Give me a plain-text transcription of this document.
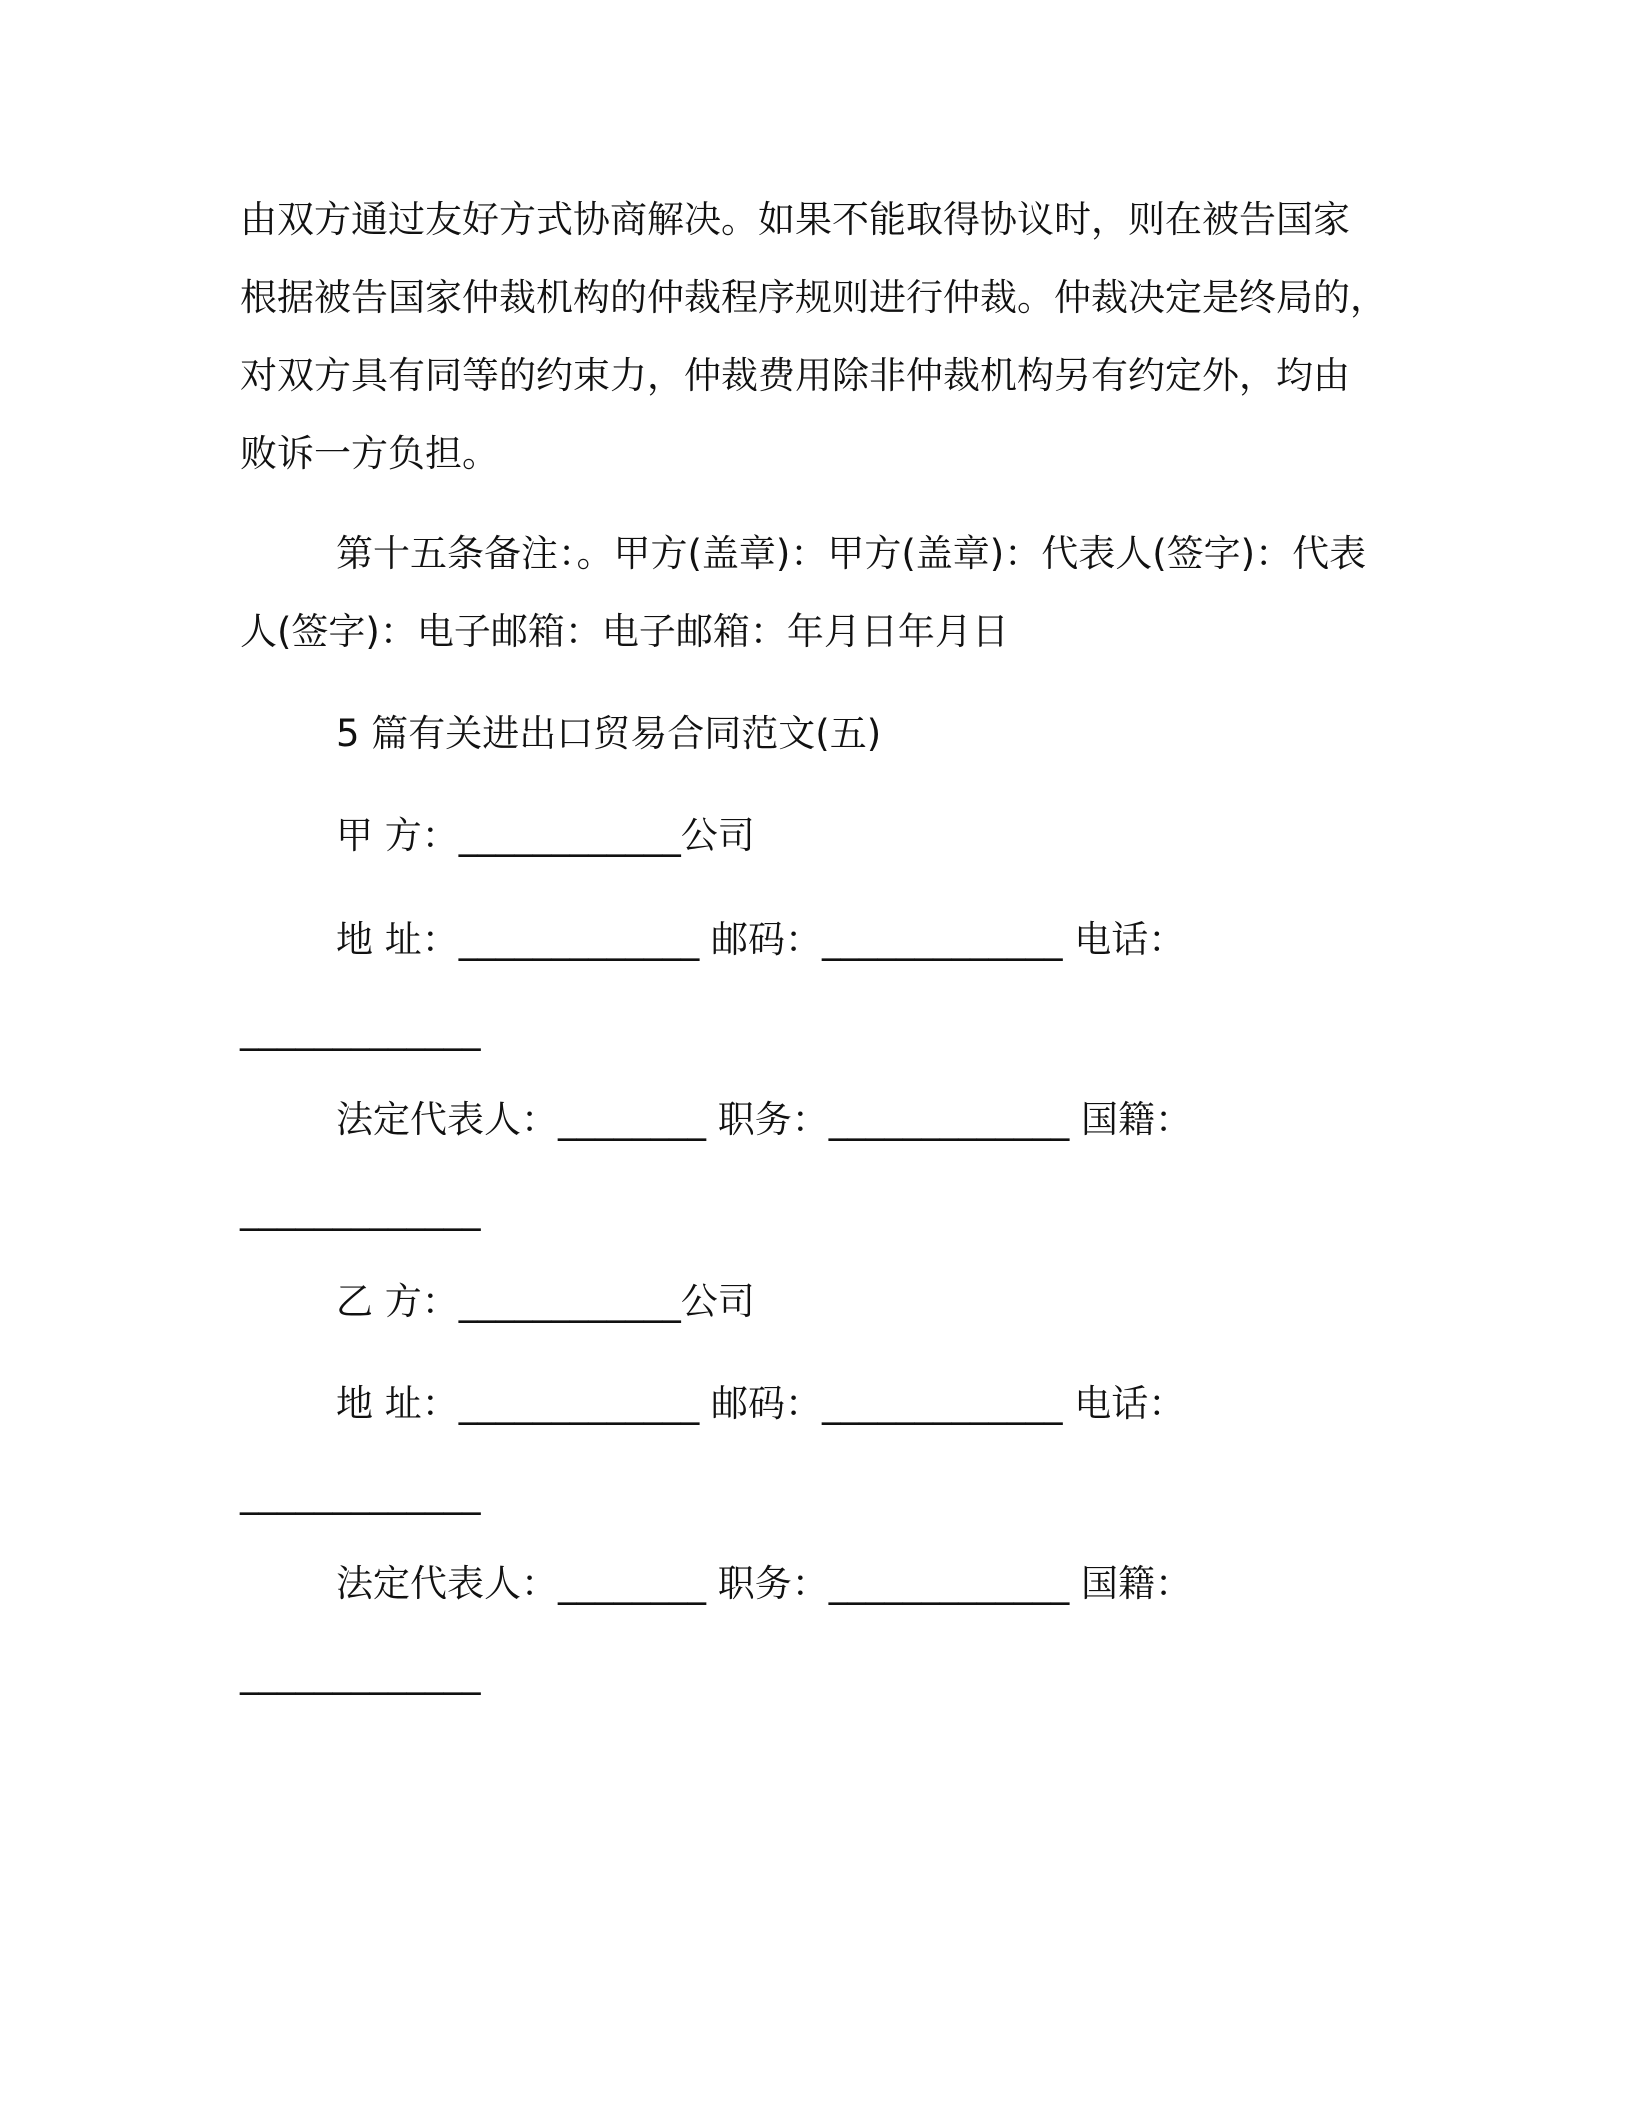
由双方通过友好方式协商解决。如果不能取得协议时，则在被告国家
根据被告国家仲裁机构的仲裁程序规则进行仲裁。仲裁决定是终局的，
对双方具有同等的约束力，仲裁费用除非仲裁机构另有约定外，均由
败诉一方负担。
第十五条备注：。甲方(盖章)：甲方(盖章)：代表人(签字)：代表
人(签字)：电子邮箱：电子邮箱：年月日年月日
5 篇有关进出口贸易合同范文(五)
甲 方：____________公司
地 址：_____________ 邮码：_____________ 电话：
_____________
法定代表人：________ 职务：_____________ 国籍：
_____________
乙 方：____________公司
地 址：_____________ 邮码：_____________ 电话：
_____________
法定代表人：________ 职务：_____________ 国籍：
_____________
